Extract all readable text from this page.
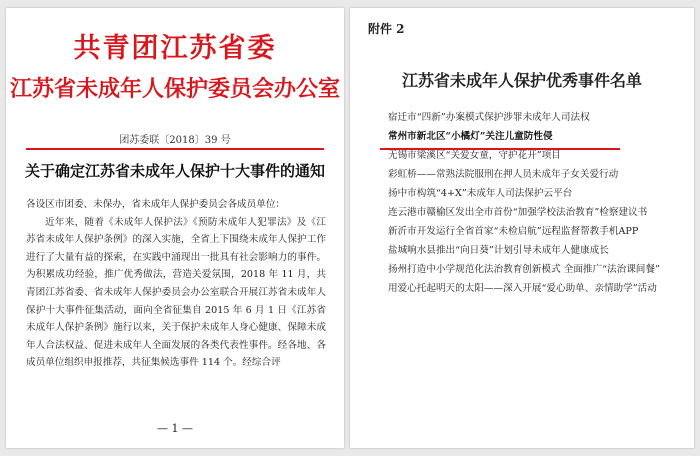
共青团江苏省委
江苏省未成年人保护委员会办公室
团苏委联〔2018〕39 号
关于确定江苏省未成年人保护十大事件的通知

各设区市团委、未保办，省未成年人保护委员会各成员单位：

近年来，随着《未成年人保护法》《预防未成年人犯罪法》及《江苏省未成年人保护条例》的深入实施，全省上下围绕未成年人保护工作进行了大量有益的探索，在实践中涌现出一批具有社会影响力的事件。为积累成功经验，推广优秀做法，营造关爱氛围，2018 年 11 月，共青团江苏省委、省未成年人保护委员会办公室联合开展江苏省未成年人保护十大事件征集活动，面向全省征集自 2015 年 6 月 1 日《江苏省未成年人保护条例》施行以来，关于保护未成年人身心健康、保障未成年人合法权益、促进未成年人全面发展的各类代表性事件。经各地、各成员单位组织申报推荐，共征集候选事件 114 个。经综合评

— 1 —
附件 2
江苏省未成年人保护优秀事件名单
宿迁市“四新”办案模式保护涉罪未成年人司法权
常州市新北区“小橘灯”关注儿童防性侵
无锡市梁溪区“关爱女童，守护花开”项目
彩虹桥——常熟法院服刑在押人员未成年子女关爱行动
扬中市构筑“4+X”未成年人司法保护云平台
连云港市赣榆区发出全市首份“加强学校法治教育”检察建议书
新沂市开发运行全省首家“未检启航”远程监督帮教手机APP
盐城响水县推出“向日葵”计划引导未成年人健康成长
扬州打造中小学规范化法治教育创新模式 全面推广“法治课间餐”
用爱心托起明天的太阳——深入开展“爱心助单、亲情助学”活动
